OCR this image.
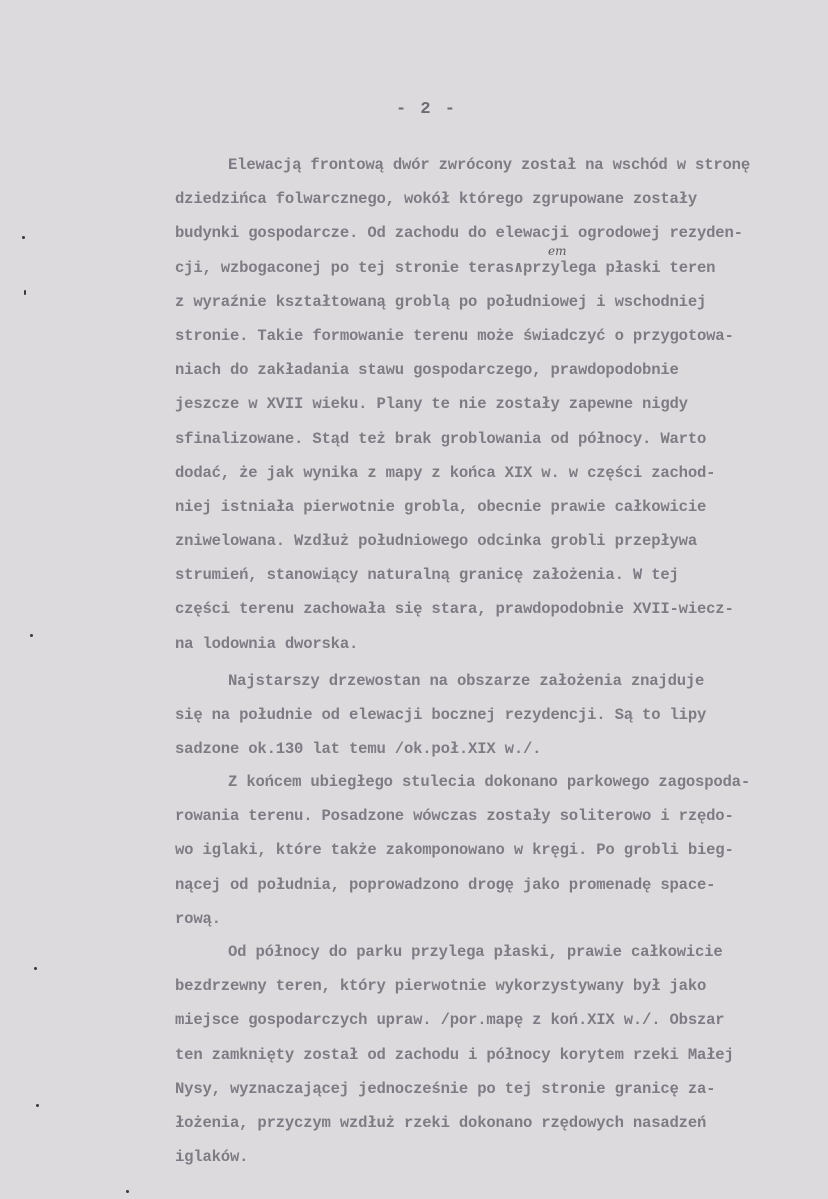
- 2 -
em
Elewacją frontową dwór zwrócony został na wschód w stronę
dziedzińca folwarcznego, wokół którego zgrupowane zostały
budynki gospodarcze. Od zachodu do elewacji ogrodowej rezyden-
cji, wzbogaconej po tej stronie teras∧przylega płaski teren
z wyraźnie kształtowaną groblą po południowej i wschodniej
stronie. Takie formowanie terenu może świadczyć o przygotowa-
niach do zakładania stawu gospodarczego, prawdopodobnie
jeszcze w XVII wieku. Plany te nie zostały zapewne nigdy
sfinalizowane. Stąd też brak groblowania od północy. Warto
dodać, że jak wynika z mapy z końca XIX w. w części zachod-
niej istniała pierwotnie grobla, obecnie prawie całkowicie
zniwelowana. Wzdłuż południowego odcinka grobli przepływa
strumień, stanowiący naturalną granicę założenia. W tej
części terenu zachowała się stara, prawdopodobnie XVII-wiecz-
na lodownia dworska.
Najstarszy drzewostan na obszarze założenia znajduje
się na południe od elewacji bocznej rezydencji. Są to lipy
sadzone ok.130 lat temu /ok.poł.XIX w./.
Z końcem ubiegłego stulecia dokonano parkowego zagospoda-
rowania terenu. Posadzone wówczas zostały soliterowo i rzędo-
wo iglaki, które także zakomponowano w kręgi. Po grobli bieg-
nącej od południa, poprowadzono drogę jako promenadę space-
rową.
Od północy do parku przylega płaski, prawie całkowicie
bezdrzewny teren, który pierwotnie wykorzystywany był jako
miejsce gospodarczych upraw. /por.mapę z koń.XIX w./. Obszar
ten zamknięty został od zachodu i północy korytem rzeki Małej
Nysy, wyznaczającej jednocześnie po tej stronie granicę za-
łożenia, przyczym wzdłuż rzeki dokonano rzędowych nasadzeń
iglaków.
